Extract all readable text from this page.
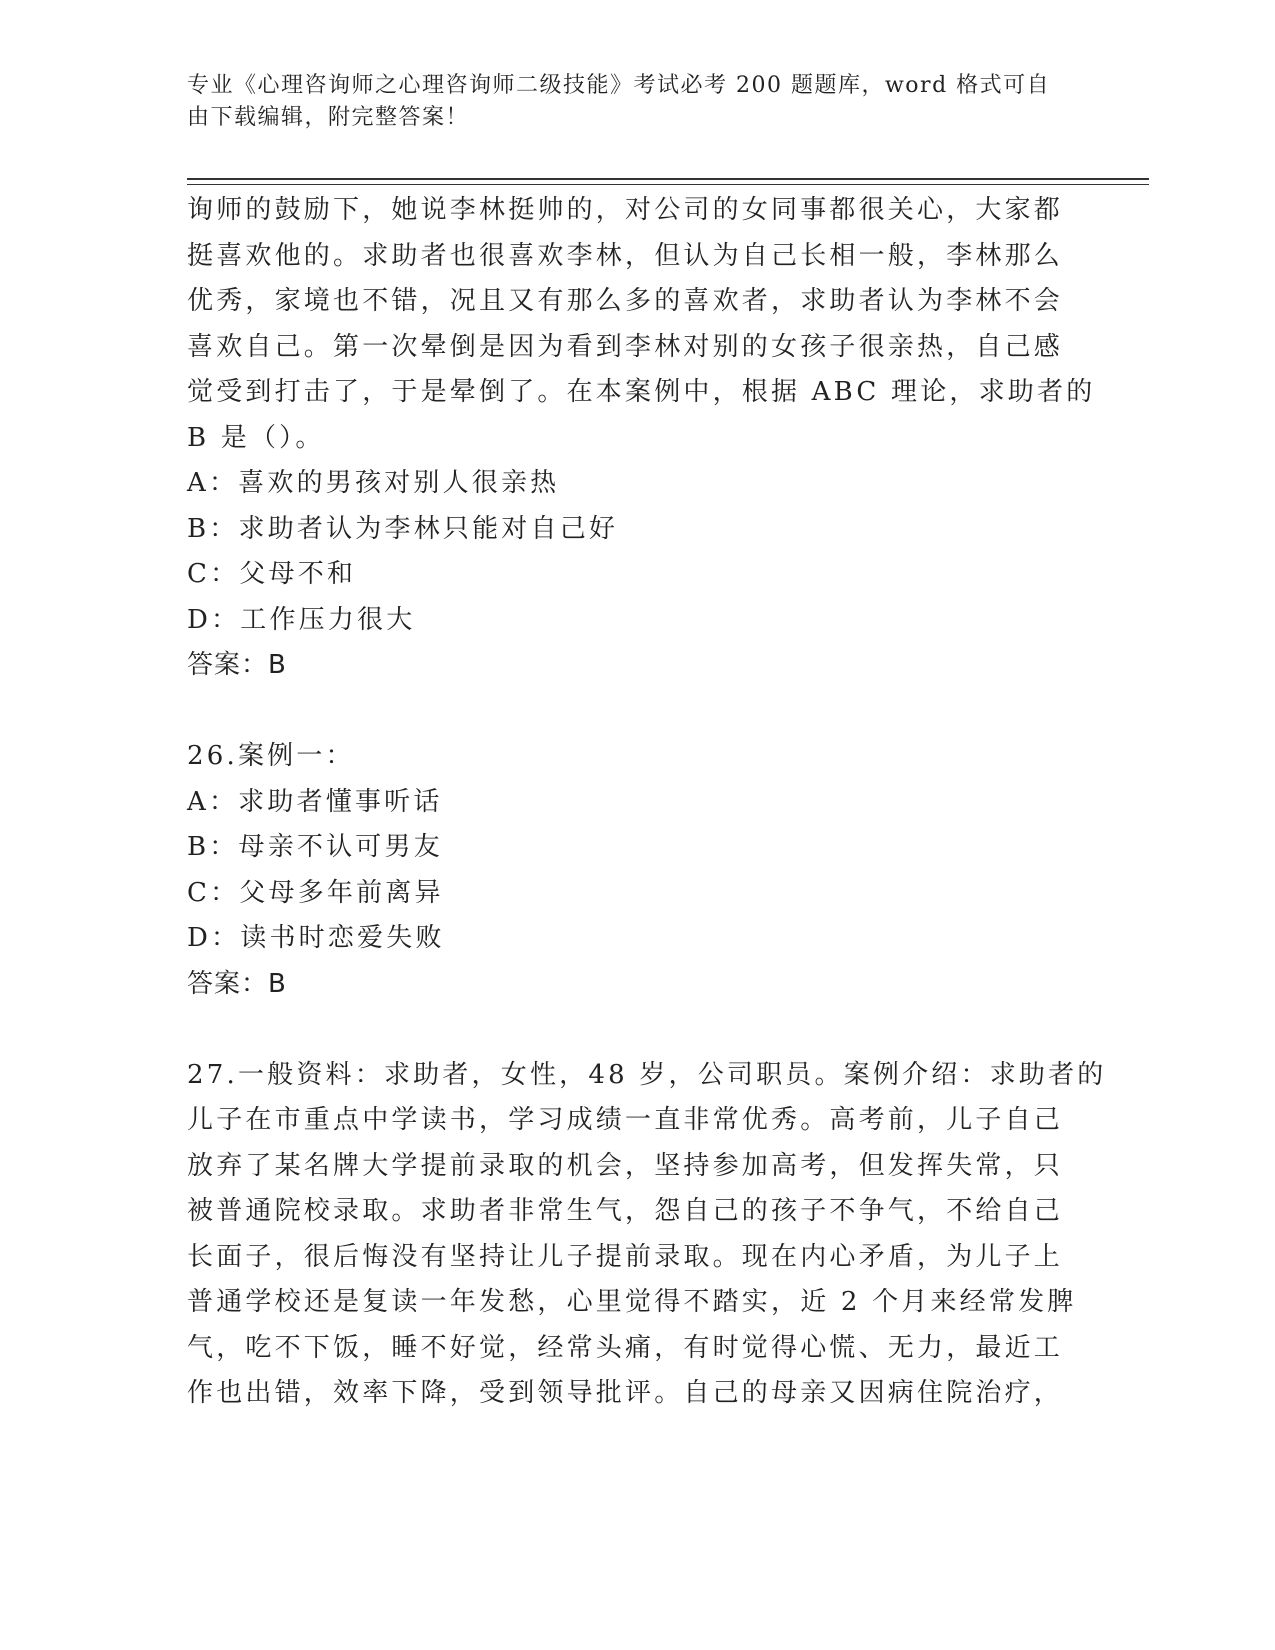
专业《心理咨询师之心理咨询师二级技能》考试必考 200 题题库，word 格式可自
由下载编辑，附完整答案！
询师的鼓励下，她说李林挺帅的，对公司的女同事都很关心，大家都
挺喜欢他的。求助者也很喜欢李林，但认为自己长相一般，李林那么
优秀，家境也不错，况且又有那么多的喜欢者，求助者认为李林不会
喜欢自己。第一次晕倒是因为看到李林对别的女孩子很亲热，自己感
觉受到打击了，于是晕倒了。在本案例中，根据 ABC 理论，求助者的
B 是（）。
A：喜欢的男孩对别人很亲热
B：求助者认为李林只能对自己好
C：父母不和
D：工作压力很大
答案：B
26.案例一：
A：求助者懂事听话
B：母亲不认可男友
C：父母多年前离异
D：读书时恋爱失败
答案：B
27.一般资料：求助者，女性，48 岁，公司职员。案例介绍：求助者的
儿子在市重点中学读书，学习成绩一直非常优秀。高考前，儿子自己
放弃了某名牌大学提前录取的机会，坚持参加高考，但发挥失常，只
被普通院校录取。求助者非常生气，怨自己的孩子不争气，不给自己
长面子，很后悔没有坚持让儿子提前录取。现在内心矛盾，为儿子上
普通学校还是复读一年发愁，心里觉得不踏实，近 2 个月来经常发脾
气，吃不下饭，睡不好觉，经常头痛，有时觉得心慌、无力，最近工
作也出错，效率下降，受到领导批评。自己的母亲又因病住院治疗，
